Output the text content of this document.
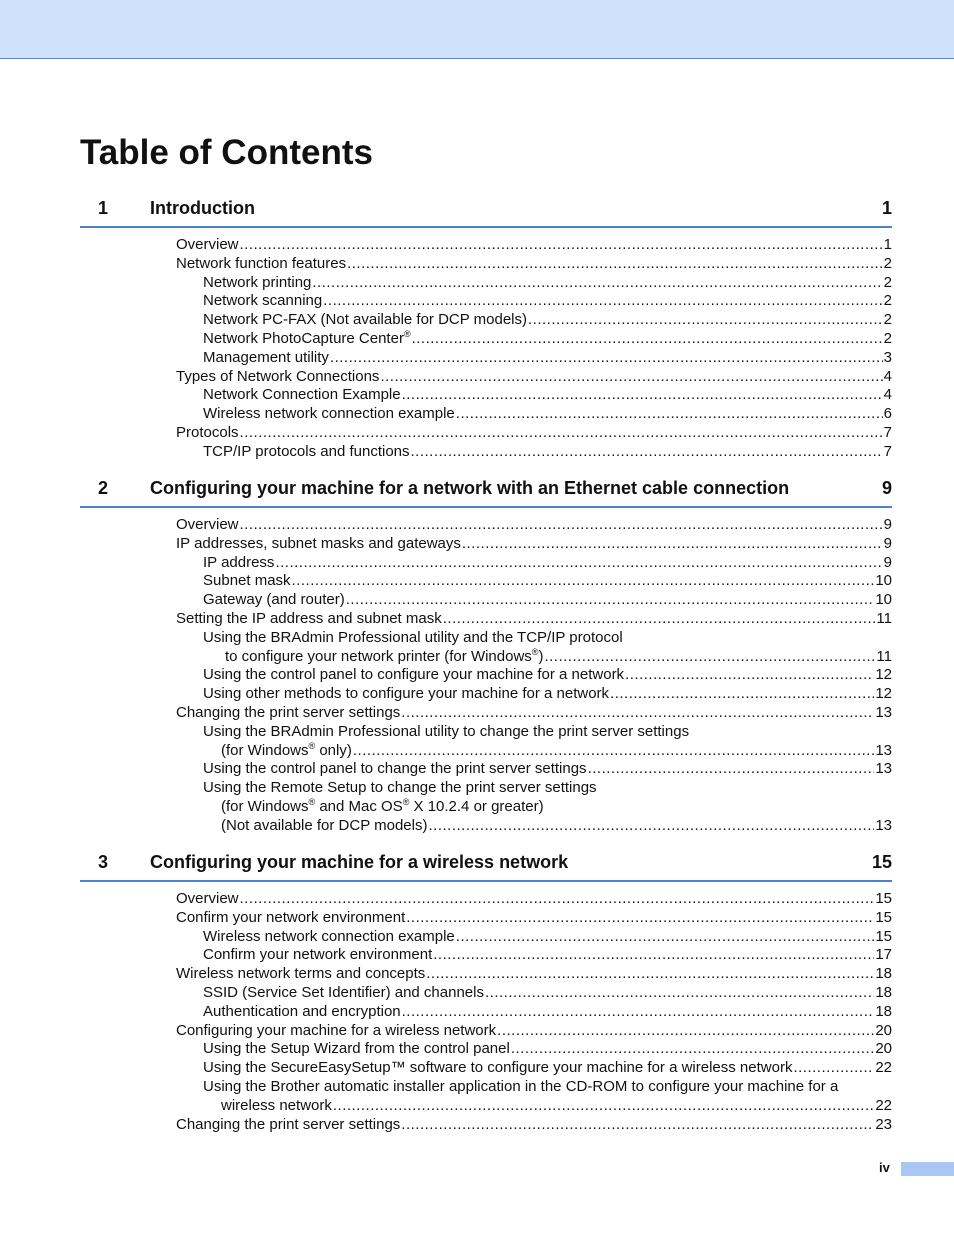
Table of Contents
1 Introduction	1
Overview .....	1
Network function features .....	2
Network printing .....	2
Network scanning .....	2
Network PC-FAX (Not available for DCP models) .....	2
Network PhotoCapture Center® .....	2
Management utility .....	3
Types of Network Connections .....	4
Network Connection Example .....	4
Wireless network connection example .....	6
Protocols .....	7
TCP/IP protocols and functions .....	7
2 Configuring your machine for a network with an Ethernet cable connection	9
Overview .....	9
IP addresses, subnet masks and gateways .....	9
IP address .....	9
Subnet mask .....	10
Gateway (and router) .....	10
Setting the IP address and subnet mask .....	11
Using the BRAdmin Professional utility and the TCP/IP protocol
to configure your network printer (for Windows®) .....	11
Using the control panel to configure your machine for a network .....	12
Using other methods to configure your machine for a network .....	12
Changing the print server settings .....	13
Using the BRAdmin Professional utility to change the print server settings
(for Windows® only) .....	13
Using the control panel to change the print server settings .....	13
Using the Remote Setup to change the print server settings
(for Windows® and Mac OS® X 10.2.4 or greater)
(Not available for DCP models) .....	13
3 Configuring your machine for a wireless network	15
Overview .....	15
Confirm your network environment .....	15
Wireless network connection example .....	15
Confirm your network environment .....	17
Wireless network terms and concepts .....	18
SSID (Service Set Identifier) and channels .....	18
Authentication and encryption .....	18
Configuring your machine for a wireless network .....	20
Using the Setup Wizard from the control panel .....	20
Using the SecureEasySetup™ software to configure your machine for a wireless network .....	22
Using the Brother automatic installer application in the CD-ROM to configure your machine for a
wireless network .....	22
Changing the print server settings .....	23
iv
